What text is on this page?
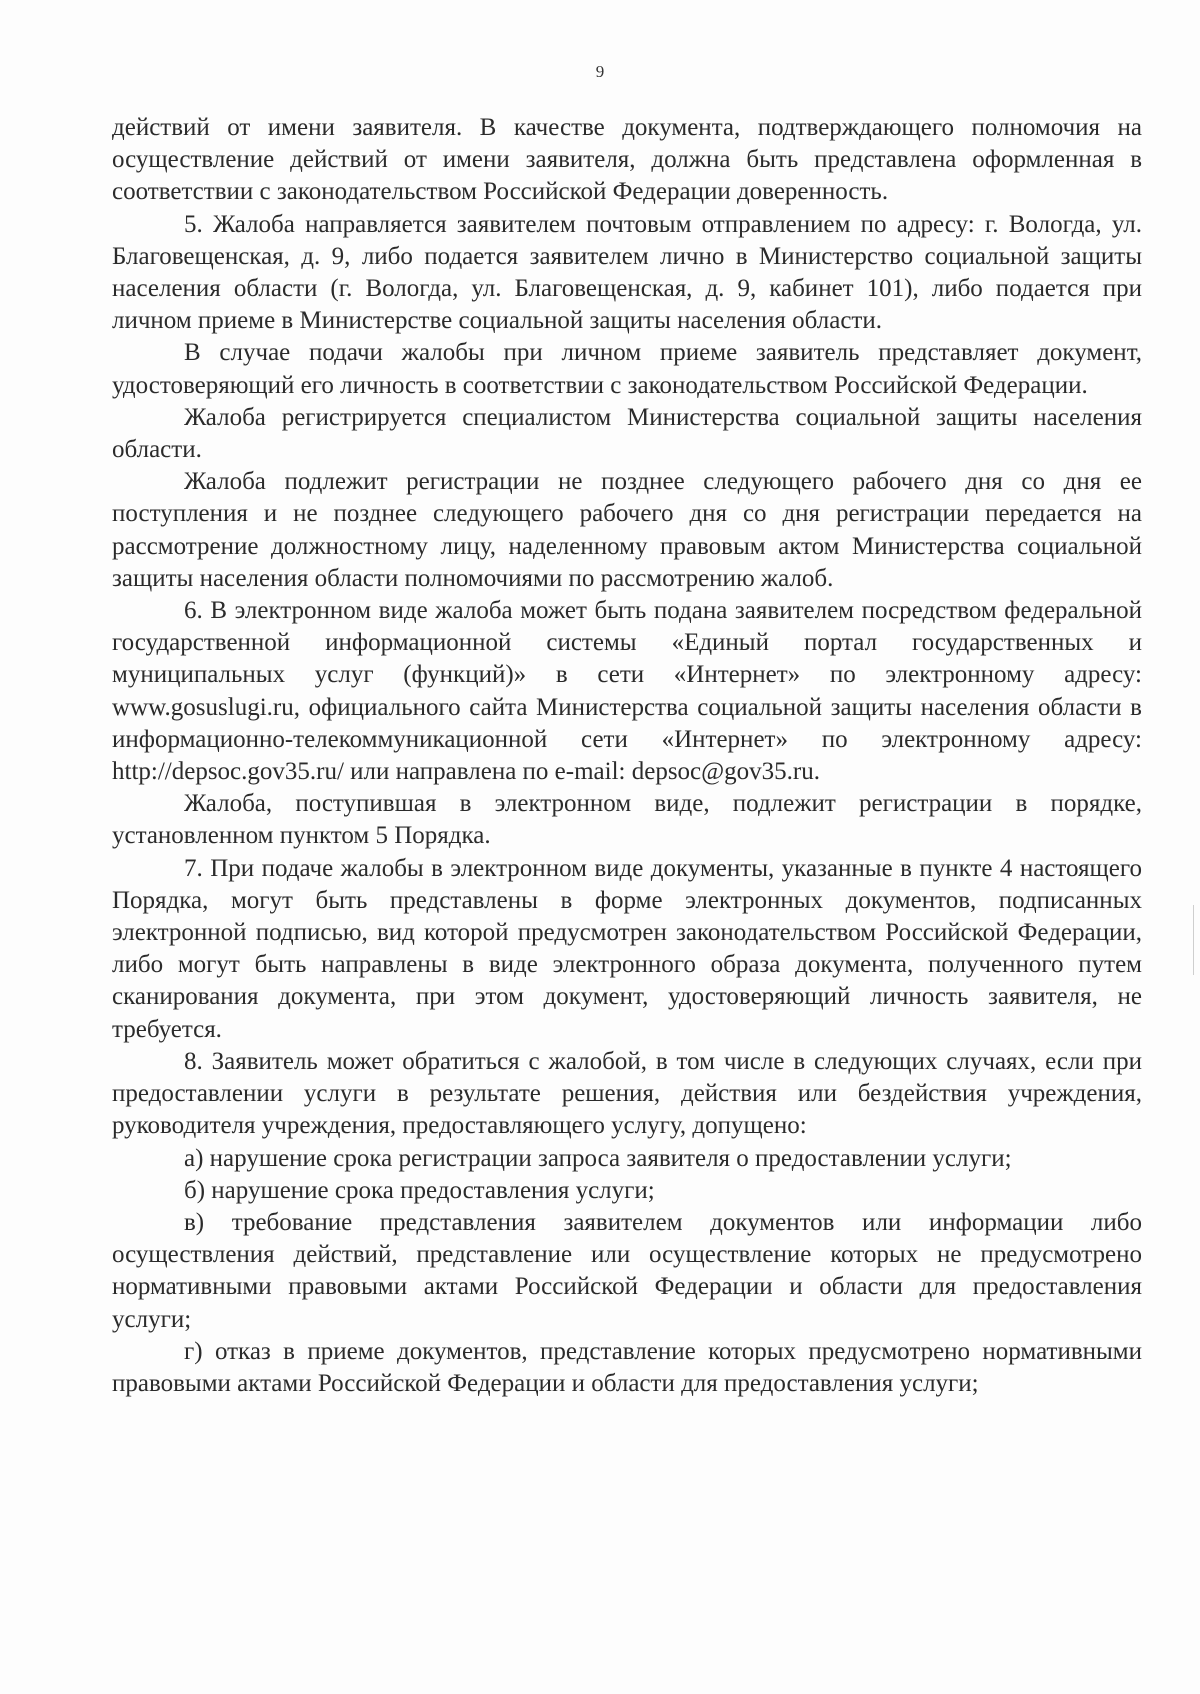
9

действий от имени заявителя. В качестве документа, подтверждающего полномочия на осуществление действий от имени заявителя, должна быть представлена оформленная в соответствии с законодательством Российской Федерации доверенность.

5. Жалоба направляется заявителем почтовым отправлением по адресу: г. Вологда, ул. Благовещенская, д. 9, либо подается заявителем лично в Министерство социальной защиты населения области (г. Вологда, ул. Благовещенская, д. 9, кабинет 101), либо подается при личном приеме в Министерстве социальной защиты населения области.

В случае подачи жалобы при личном приеме заявитель представляет документ, удостоверяющий его личность в соответствии с законодательством Российской Федерации.

Жалоба регистрируется специалистом Министерства социальной защиты населения области.

Жалоба подлежит регистрации не позднее следующего рабочего дня со дня ее поступления и не позднее следующего рабочего дня со дня регистрации передается на рассмотрение должностному лицу, наделенному правовым актом Министерства социальной защиты населения области полномочиями по рассмотрению жалоб.

6. В электронном виде жалоба может быть подана заявителем посредством федеральной государственной информационной системы «Единый портал государственных и муниципальных услуг (функций)» в сети «Интернет» по электронному адресу: www.gosuslugi.ru, официального сайта Министерства социальной защиты населения области в информационно-телекоммуникационной сети «Интернет» по электронному адресу: http://depsoc.gov35.ru/ или направлена по e-mail: depsoc@gov35.ru.

Жалоба, поступившая в электронном виде, подлежит регистрации в порядке, установленном пунктом 5 Порядка.

7. При подаче жалобы в электронном виде документы, указанные в пункте 4 настоящего Порядка, могут быть представлены в форме электронных документов, подписанных электронной подписью, вид которой предусмотрен законодательством Российской Федерации, либо могут быть направлены в виде электронного образа документа, полученного путем сканирования документа, при этом документ, удостоверяющий личность заявителя, не требуется.

8. Заявитель может обратиться с жалобой, в том числе в следующих случаях, если при предоставлении услуги в результате решения, действия или бездействия учреждения, руководителя учреждения, предоставляющего услугу, допущено:

а) нарушение срока регистрации запроса заявителя о предоставлении услуги;

б) нарушение срока предоставления услуги;

в) требование представления заявителем документов или информации либо осуществления действий, представление или осуществление которых не предусмотрено нормативными правовыми актами Российской Федерации и области для предоставления услуги;

г) отказ в приеме документов, представление которых предусмотрено нормативными правовыми актами Российской Федерации и области для предоставления услуги;
